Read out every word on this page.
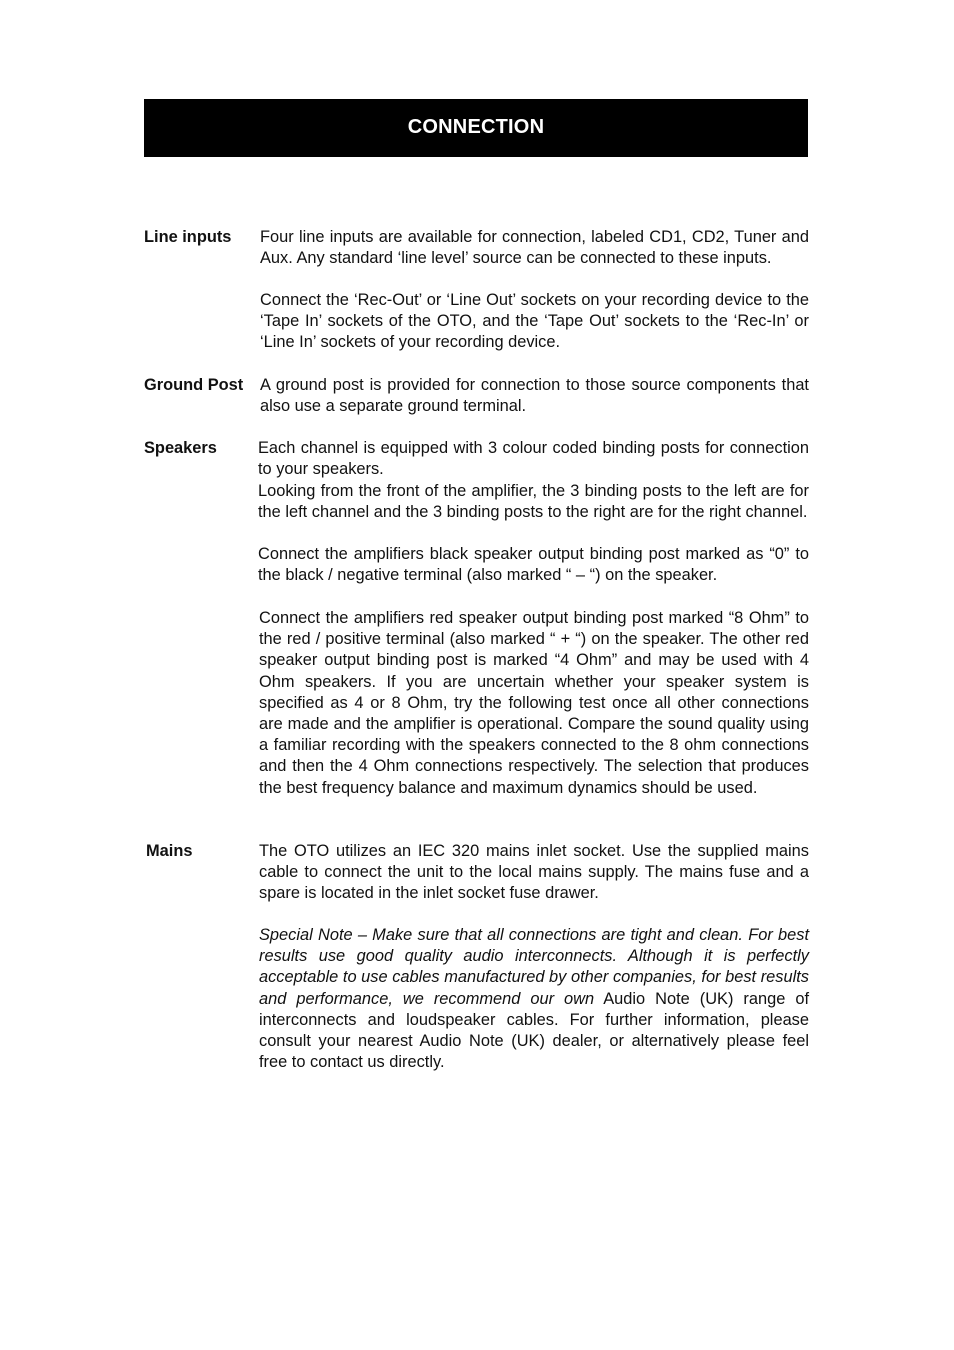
CONNECTION
Line inputs Four line inputs are available for connection, labeled CD1, CD2, Tuner and Aux. Any standard ‘line level’ source can be connected to these inputs.

Connect the ‘Rec-Out’ or ‘Line Out’ sockets on your recording device to the ‘Tape In’ sockets of the OTO, and the ‘Tape Out’ sockets to the ‘Rec-In’ or ‘Line In’ sockets of your recording device.

Ground Post A ground post is provided for connection to those source components that also use a separate ground terminal.

Speakers	Each channel is equipped with 3 colour coded binding posts for connection to your speakers.

Looking from the front of the amplifier, the 3 binding posts to the left are for the left channel and the 3 binding posts to the right are for the right channel.

Connect the amplifiers black speaker output binding post marked as “0” to the black / negative terminal (also marked “ – “) on the speaker.

Connect the amplifiers red speaker output binding post marked “8 Ohm” to the red / positive terminal (also marked “ + “) on the speaker. The other red speaker output binding post is marked “4 Ohm” and may be used with 4 Ohm speakers. If you are uncertain whether your speaker system is specified as 4 or 8 Ohm, try the following test once all other connections are made and the amplifier is operational. Compare the sound quality using a familiar recording with the speakers connected to the 8 ohm connections and then the 4 Ohm connections respectively. The selection that produces the best frequency balance and maximum dynamics should be used.

Mains	The OTO utilizes an IEC 320 mains inlet socket. Use the supplied mains cable to connect the unit to the local mains supply. The mains fuse and a spare is located in the inlet socket fuse drawer.

Special Note – Make sure that all connections are tight and clean. For best results use good quality audio interconnects. Although it is perfectly acceptable to use cables manufactured by other companies, for best results and performance, we recommend our own Audio Note (UK) range of interconnects and loudspeaker cables. For further information, please consult your nearest Audio Note (UK) dealer, or alternatively please feel free to contact us directly.
